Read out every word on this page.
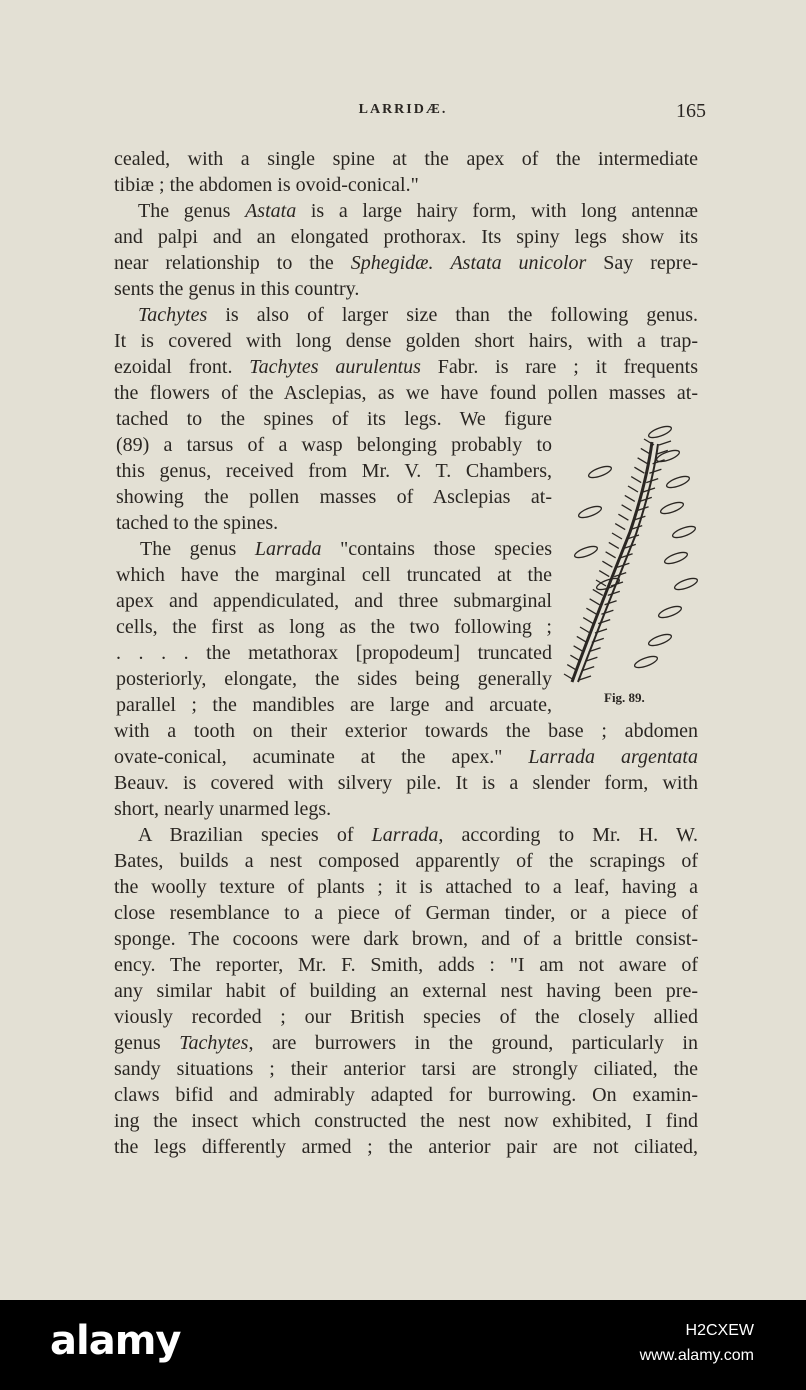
LARRIDÆ.	165
cealed, with a single spine at the apex of the intermediate
tibiæ ; the abdomen is ovoid-conical."
The genus Astata is a large hairy form, with long antennæ
and palpi and an elongated prothorax. Its spiny legs show its
near relationship to the Sphegidæ. Astata unicolor Say repre-
sents the genus in this country.
Tachytes is also of larger size than the following genus.
It is covered with long dense golden short hairs, with a trap-
ezoidal front. Tachytes aurulentus Fabr. is rare ; it frequents
the flowers of the Asclepias, as we have found pollen masses at-
tached to the spines of its legs. We figure
(89) a tarsus of a wasp belonging probably to
this genus, received from Mr. V. T. Chambers,
showing the pollen masses of Asclepias at-
tached to the spines.
The genus Larrada "contains those species
which have the marginal cell truncated at the
apex and appendiculated, and three submarginal
cells, the first as long as the two following ;
. . . . the metathorax [propodeum] truncated
posteriorly, elongate, the sides being generally
parallel ; the mandibles are large and arcuate,
with a tooth on their exterior towards the base ; abdomen
ovate-conical, acuminate at the apex." Larrada argentata
Beauv. is covered with silvery pile. It is a slender form, with
short, nearly unarmed legs.
A Brazilian species of Larrada, according to Mr. H. W.
Bates, builds a nest composed apparently of the scrapings of
the woolly texture of plants ; it is attached to a leaf, having a
close resemblance to a piece of German tinder, or a piece of
sponge. The cocoons were dark brown, and of a brittle consist-
ency. The reporter, Mr. F. Smith, adds : "I am not aware of
any similar habit of building an external nest having been pre-
viously recorded ; our British species of the closely allied
genus Tachytes, are burrowers in the ground, particularly in
sandy situations ; their anterior tarsi are strongly ciliated, the
claws bifid and admirably adapted for burrowing. On examin-
ing the insect which constructed the nest now exhibited, I find
the legs differently armed ; the anterior pair are not ciliated,
Fig. 89.
alamy	H2CXEW
www.alamy.com
